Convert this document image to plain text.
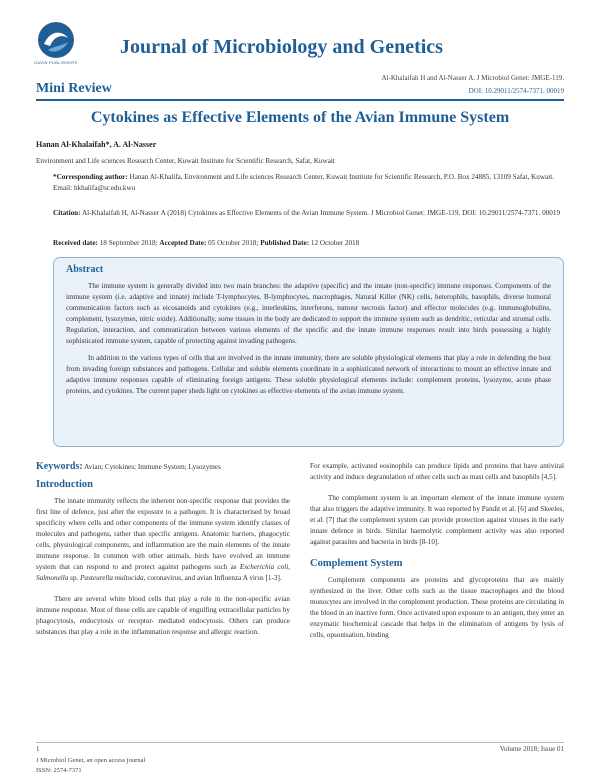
GAVIN PUBLISHERS
Journal of Microbiology and Genetics
Al-Khalaifah H and Al-Nasser A. J Microbiol Genet: JMGE-119.
Mini Review	DOI: 10.29011/2574-7371. 00019
Cytokines as Effective Elements of the Avian Immune System
Hanan Al-Khalaifah*, A. Al-Nasser
Environment and Life sciences Research Center, Kuwait Institute for Scientific Research, Safat, Kuwait
*Corresponding author: Hanan Al-Khalifa, Environment and Life sciences Research Center, Kuwait Institute for Scientific Research, P.O. Box 24885, 13109 Safat, Kuwait. Email: hkhalifa@sr.edu.kwu
Citation: Al-Khalaifah H, Al-Nasser A (2018) Cytokines as Effective Elements of the Avian Immune System. J Microbiol Genet: JMGE-119. DOI: 10.29011/2574-7371. 00019
Received date: 18 September 2018; Accepted Date: 05 October 2018; Published Date: 12 October 2018
Abstract

The immune system is generally divided into two main branches: the adaptive (specific) and the innate (non-specific) immune responses. Components of the immune system (i.e. adaptive and innate) include T-lymphocytes, B-lymphocytes, macrophages, Natural Killer (NK) cells, heterophils, basophils, diverse humoral communication factors such as eicosanoids and cytokines (e.g., interleukins, interferons, tumour necrosis factor) and effector molecules (e.g. immunoglobulins, complement, lysozymes, nitric oxide). Additionally, some tissues in the body are dedicated to support the immune system such as dendritic, reticular and stromal cells. Regulation, interaction, and communication between various elements of the specific and the innate immune responses result into birds possessing a highly sophisticated immune system, capable of protecting against invading pathogens.

In addition to the various types of cells that are involved in the innate immunity, there are soluble physiological elements that play a role in defending the host from invading foreign substances and pathogens. Cellular and soluble elements coordinate in a sophisticated network of interactions to mount an effective innate and adaptive immune responses capable of eliminating foreign antigens. These soluble physiological elements include: complement proteins, lysozyme, acute phase proteins, and cytokines. The current paper sheds light on cytokines as effective elements of the avian immune system.

Keywords: Avian; Cytokines; Immune System; Lysozymes
Introduction

The innate immunity reflects the inherent non-specific response that provides the first line of defence, just after the exposure to a pathogen. It is characterised by broad specificity where cells and other components of the immune system identify classes of molecules and pathogens, rather than specific antigens. Anatomic barriers, phagocytic cells, physiological components, and inflammation are the main elements of the innate immune response. In common with other animals, birds have evolved an immune system that can respond to and protect against pathogens such as Escherichia coli, Salmonella sp. Pasteurella multocida, coronavirus, and avian Influenza A virus [1-3].

There are several white blood cells that play a role in the non-specific avian immune response. Most of these cells are capable of engulfing extracellular particles by phagocytosis, endocytosis or receptor- mediated endocytosis. Others can produce substances that play a role in the inflammation response and allergic reaction.

For example, activated eosinophils can produce lipids and proteins that have antiviral activity and induce degranulation of other cells such as mast cells and basophils [4,5].

The complement system is an important element of the innate immune system that also triggers the adaptive immunity. It was reported by Pandit et al. [6] and Skeeles, et al. [7] that the complement system can provide protection against viruses in the early innate defence in birds. Similar haemolytic complement activity was also reported against parasites and bacteria in birds [8-10].

Complement System

Complement components are proteins and glycoproteins that are mainly synthesized in the liver. Other cells such as the tissue macrophages and the blood monocytes are involved in the complement production. These proteins are circulating in the blood in an inactive form. Once activated upon exposure to an antigen, they enter an enzymatic biochemical cascade that helps in the elimination of antigens by lysis of cells, opsonisation, binding

1	Volume 2018; Issue 01
J Microbiol Genet, an open access journal
ISSN: 2574-7371
